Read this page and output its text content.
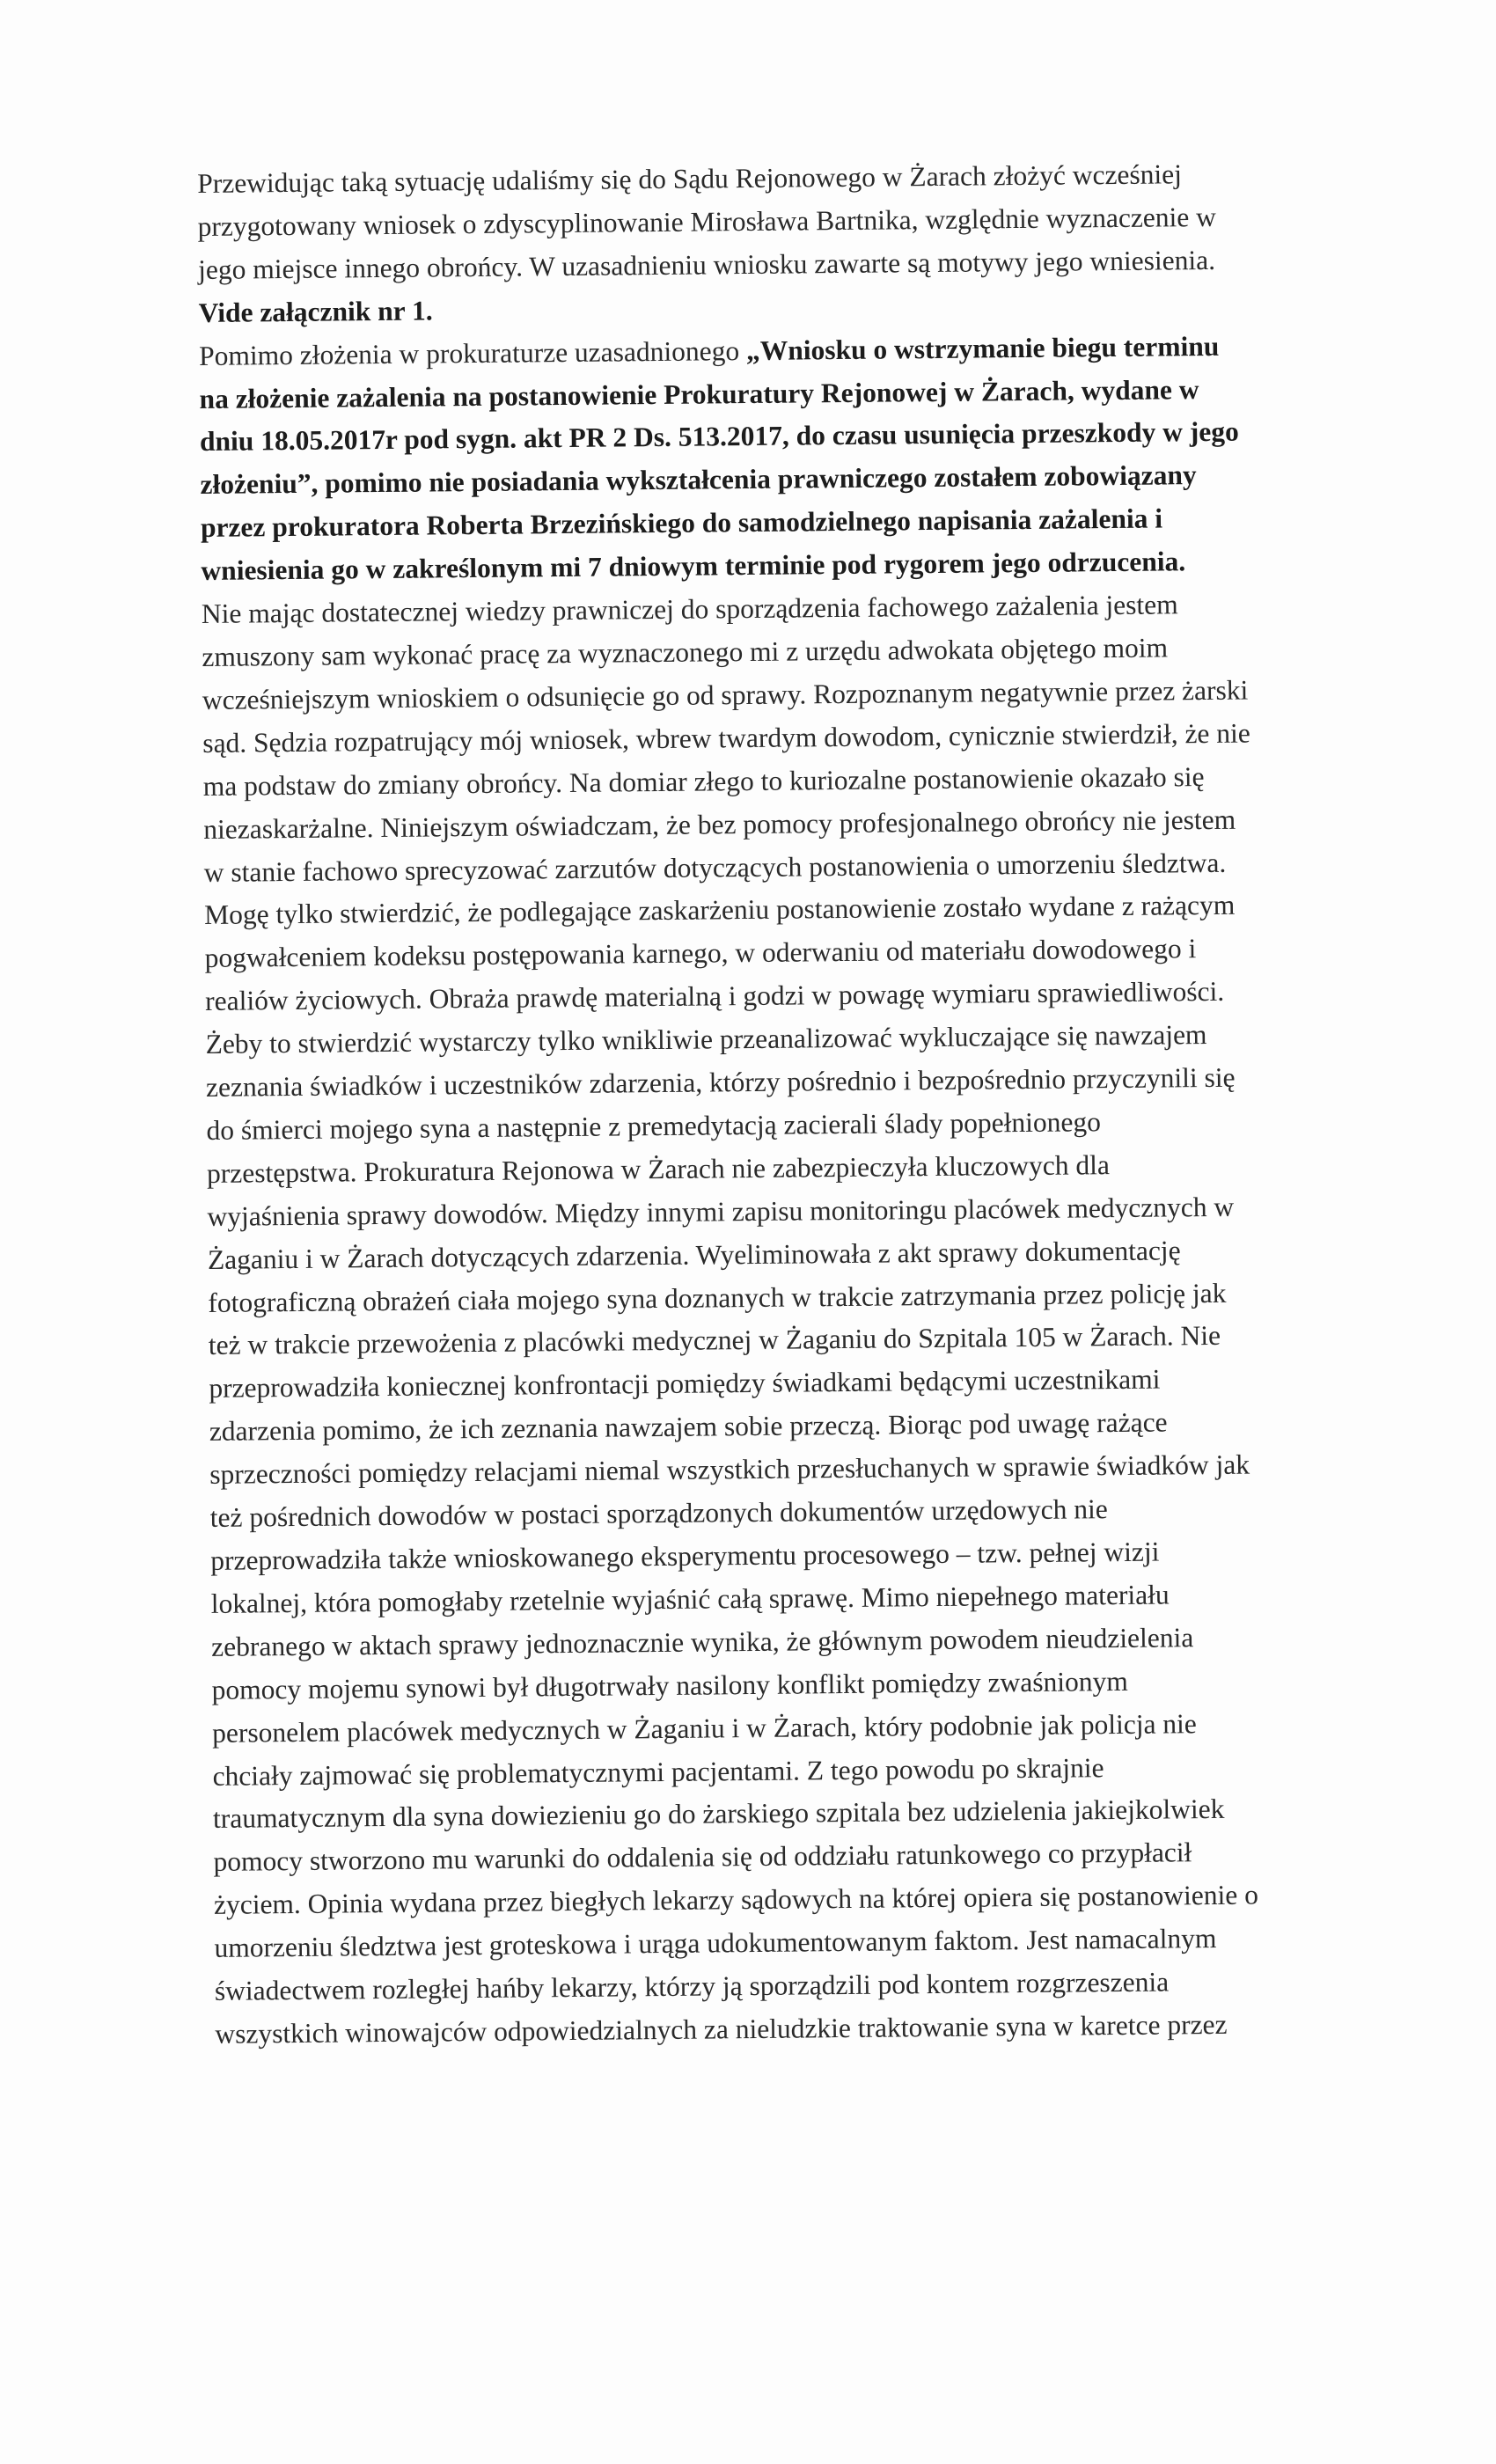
Przewidując taką sytuację udaliśmy się do Sądu Rejonowego w Żarach złożyć wcześniej
przygotowany wniosek o zdyscyplinowanie Mirosława Bartnika, względnie wyznaczenie w
jego miejsce innego obrońcy. W uzasadnieniu wniosku zawarte są motywy jego wniesienia.
Vide załącznik nr 1.
Pomimo złożenia w prokuraturze uzasadnionego „Wniosku o wstrzymanie biegu terminu
na złożenie zażalenia na postanowienie Prokuratury Rejonowej w Żarach, wydane w
dniu 18.05.2017r pod sygn. akt PR 2 Ds. 513.2017, do czasu usunięcia przeszkody w jego
złożeniu”, pomimo nie posiadania wykształcenia prawniczego zostałem zobowiązany
przez prokuratora Roberta Brzezińskiego do samodzielnego napisania zażalenia i
wniesienia go w zakreślonym mi 7 dniowym terminie pod rygorem jego odrzucenia.
Nie mając dostatecznej wiedzy prawniczej do sporządzenia fachowego zażalenia jestem
zmuszony sam wykonać pracę za wyznaczonego mi z urzędu adwokata objętego moim
wcześniejszym wnioskiem o odsunięcie go od sprawy. Rozpoznanym negatywnie przez żarski
sąd. Sędzia rozpatrujący mój wniosek, wbrew twardym dowodom, cynicznie stwierdził, że nie
ma podstaw do zmiany obrońcy. Na domiar złego to kuriozalne postanowienie okazało się
niezaskarżalne. Niniejszym oświadczam, że bez pomocy profesjonalnego obrońcy nie jestem
w stanie fachowo sprecyzować zarzutów dotyczących postanowienia o umorzeniu śledztwa.
Mogę tylko stwierdzić, że podlegające zaskarżeniu postanowienie zostało wydane z rażącym
pogwałceniem kodeksu postępowania karnego, w oderwaniu od materiału dowodowego i
realiów życiowych. Obraża prawdę materialną i godzi w powagę wymiaru sprawiedliwości.
Żeby to stwierdzić wystarczy tylko wnikliwie przeanalizować wykluczające się nawzajem
zeznania świadków i uczestników zdarzenia, którzy pośrednio i bezpośrednio przyczynili się
do śmierci mojego syna a następnie z premedytacją zacierali ślady popełnionego
przestępstwa. Prokuratura Rejonowa w Żarach nie zabezpieczyła kluczowych dla
wyjaśnienia sprawy dowodów. Między innymi zapisu monitoringu placówek medycznych w
Żaganiu i w Żarach dotyczących zdarzenia. Wyeliminowała z akt sprawy dokumentację
fotograficzną obrażeń ciała mojego syna doznanych w trakcie zatrzymania przez policję jak
też w trakcie przewożenia z placówki medycznej w Żaganiu do Szpitala 105 w Żarach. Nie
przeprowadziła koniecznej konfrontacji pomiędzy świadkami będącymi uczestnikami
zdarzenia pomimo, że ich zeznania nawzajem sobie przeczą. Biorąc pod uwagę rażące
sprzeczności pomiędzy relacjami niemal wszystkich przesłuchanych w sprawie świadków jak
też pośrednich dowodów w postaci sporządzonych dokumentów urzędowych nie
przeprowadziła także wnioskowanego eksperymentu procesowego – tzw. pełnej wizji
lokalnej, która pomogłaby rzetelnie wyjaśnić całą sprawę. Mimo niepełnego materiału
zebranego w aktach sprawy jednoznacznie wynika, że głównym powodem nieudzielenia
pomocy mojemu synowi był długotrwały nasilony konflikt pomiędzy zwaśnionym
personelem placówek medycznych w Żaganiu i w Żarach, który podobnie jak policja nie
chciały zajmować się problematycznymi pacjentami. Z tego powodu po skrajnie
traumatycznym dla syna dowiezieniu go do żarskiego szpitala bez udzielenia jakiejkolwiek
pomocy stworzono mu warunki do oddalenia się od oddziału ratunkowego co przypłacił
życiem. Opinia wydana przez biegłych lekarzy sądowych na której opiera się postanowienie o
umorzeniu śledztwa jest groteskowa i urąga udokumentowanym faktom. Jest namacalnym
świadectwem rozległej hańby lekarzy, którzy ją sporządzili pod kontem rozgrzeszenia
wszystkich winowajców odpowiedzialnych za nieludzkie traktowanie syna w karetce przez
